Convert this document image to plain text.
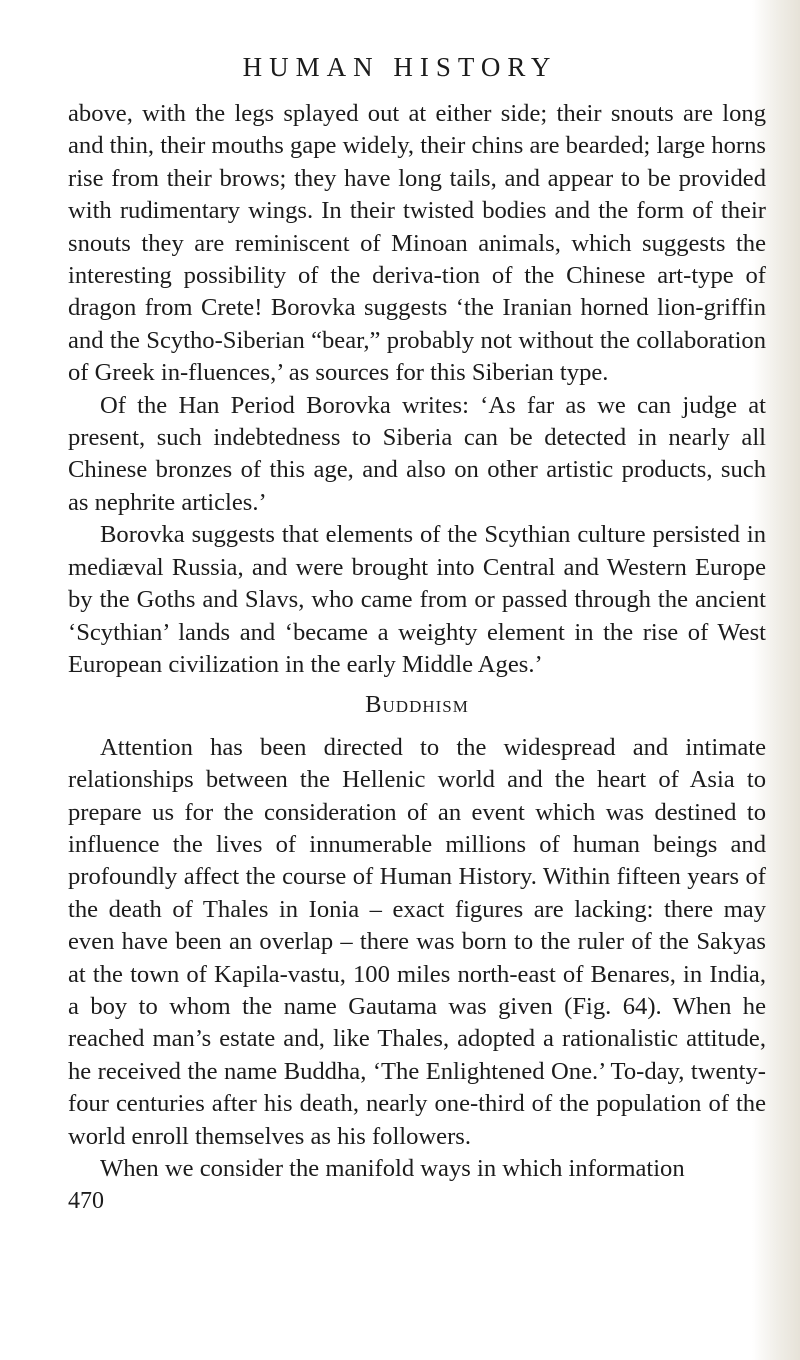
HUMAN HISTORY

above, with the legs splayed out at either side; their snouts are long and thin, their mouths gape widely, their chins are bearded; large horns rise from their brows; they have long tails, and appear to be provided with rudimentary wings. In their twisted bodies and the form of their snouts they are reminiscent of Minoan animals, which suggests the interesting possibility of the deriva-tion of the Chinese art-type of dragon from Crete! Borovka suggests ‘the Iranian horned lion-griffin and the Scytho-Siberian “bear,” probably not without the collaboration of Greek in-fluences,’ as sources for this Siberian type.

Of the Han Period Borovka writes: ‘As far as we can judge at present, such indebtedness to Siberia can be detected in nearly all Chinese bronzes of this age, and also on other artistic products, such as nephrite articles.’

Borovka suggests that elements of the Scythian culture persisted in mediæval Russia, and were brought into Central and Western Europe by the Goths and Slavs, who came from or passed through the ancient ‘Scythian’ lands and ‘became a weighty element in the rise of West European civilization in the early Middle Ages.’

Buddhism

Attention has been directed to the widespread and intimate relationships between the Hellenic world and the heart of Asia to prepare us for the consideration of an event which was destined to influence the lives of innumerable millions of human beings and profoundly affect the course of Human History. Within fifteen years of the death of Thales in Ionia – exact figures are lacking: there may even have been an overlap – there was born to the ruler of the Sakyas at the town of Kapila-vastu, 100 miles north-east of Benares, in India, a boy to whom the name Gautama was given (Fig. 64). When he reached man’s estate and, like Thales, adopted a rationalistic attitude, he received the name Buddha, ‘The Enlightened One.’ To-day, twenty-four centuries after his death, nearly one-third of the population of the world enroll themselves as his followers.

When we consider the manifold ways in which information

470
